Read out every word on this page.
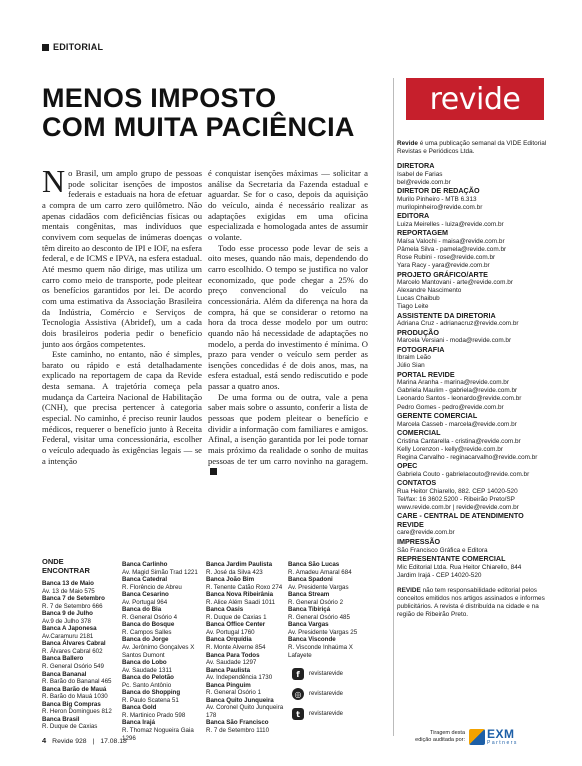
EDITORIAL
MENOS IMPOSTO
COM MUITA PACIÊNCIA

No Brasil, um amplo grupo de pessoas pode solicitar isenções de impostos federais e estaduais na hora de efetuar a compra de um carro zero quilômetro. Não apenas cidadãos com deficiências físicas ou mentais congênitas, mas indivíduos que convivem com sequelas de inúmeras doenças têm direito ao desconto de IPI e IOF, na esfera federal, e de ICMS e IPVA, na esfera estadual. Até mesmo quem não dirige, mas utiliza um carro como meio de transporte, pode pleitear os benefícios garantidos por lei. De acordo com uma estimativa da Associação Brasileira da Indústria, Comércio e Serviços de Tecnologia Assistiva (Abridef), um a cada dois brasileiros poderia pedir o benefício junto aos órgãos competentes.

Este caminho, no entanto, não é simples, barato ou rápido e está detalhadamente explicado na reportagem de capa da Revide desta semana. A trajetória começa pela mudança da Carteira Nacional de Habilitação (CNH), que precisa pertencer à categoria especial. No caminho, é preciso reunir laudos médicos, requerer o benefício junto à Receita Federal, visitar uma concessionária, escolher o veículo adequado às exigências legais — se a intenção

é conquistar isenções máximas — solicitar a análise da Secretaria da Fazenda estadual e aguardar. Se for o caso, depois da aquisição do veículo, ainda é necessário realizar as adaptações exigidas em uma oficina especializada e homologada antes de assumir o volante.

Todo esse processo pode levar de seis a oito meses, quando não mais, dependendo do carro escolhido. O tempo se justifica no valor economizado, que pode chegar a 25% do preço convencional do veículo na concessionária. Além da diferença na hora da compra, há que se considerar o retorno na hora da troca desse modelo por um outro: quando não há necessidade de adaptações no modelo, a perda do investimento é mínima. O prazo para vender o veículo sem perder as isenções concedidas é de dois anos, mas, na esfera estadual, está sendo rediscutido e pode passar a quatro anos.

De uma forma ou de outra, vale a pena saber mais sobre o assunto, conferir a lista de pessoas que podem pleitear o benefício e dividir a informação com familiares e amigos. Afinal, a isenção garantida por lei pode tornar mais próximo da realidade o sonho de muitas pessoas de ter um carro novinho na garagem.

revide
Revide é uma publicação semanal da VIDE Editorial Revistas e Periódicos Ltda.
DIRETORA
Isabel de Farias
bel@revide.com.br
DIRETOR DE REDAÇÃO
Murilo Pinheiro - MTB 6.313
murilopinheiro@revide.com.br
EDITORA
Luiza Meirelles - luiza@revide.com.br
REPORTAGEM
Maísa Valochi - maisa@revide.com.br
Pâmela Silva - pamela@revide.com.br
Rose Rubini - rose@revide.com.br
Yara Racy - yara@revide.com.br
PROJETO GRÁFICO/ARTE
Marcelo Mantovani - arte@revide.com.br
Alexandre Nascimento
Lucas Chaibub
Tiago Leite
ASSISTENTE DA DIRETORIA
Adriana Cruz - adrianacruz@revide.com.br
PRODUÇÃO
Marcela Versiani - moda@revide.com.br
FOTOGRAFIA
Ibraim Leão
Júlio Sian
PORTAL REVIDE
Marina Aranha - marina@revide.com.br
Gabriela Maulim - gabriela@revide.com.br
Leonardo Santos - leonardo@revide.com.br
Pedro Gomes - pedro@revide.com.br
GERENTE COMERCIAL
Marcela Casseb - marcela@revide.com.br
COMERCIAL
Cristina Cantarella - cristina@revide.com.br
Kelly Lorenzon - kelly@revide.com.br
Regina Carvalho - reginacarvalho@revide.com.br
OPEC
Gabriela Couto - gabrielacouto@revide.com.br
CONTATOS
Rua Heitor Chiarello, 882. CEP 14020-520
Tel/fax: 16 3602.5200 - Ribeirão Preto/SP
www.revide.com.br | revide@revide.com.br
CARE - CENTRAL DE ATENDIMENTO REVIDE
care@revide.com.br
IMPRESSÃO
São Francisco Gráfica e Editora
REPRESENTANTE COMERCIAL
Mic Editorial Ltda. Rua Heitor Chiarello, 844
Jardim Irajá - CEP 14020-520
REVIDE não tem responsabilidade editorial pelos conceitos emitidos nos artigos assinados e informes publicitários. A revista é distribuída na cidade e na região de Ribeirão Preto.
ONDE
ENCONTRAR
Banca 13 de Maio
Av. 13 de Maio 575
Banca 7 de Setembro
R. 7 de Setembro 666
Banca 9 de Julho
Av.9 de Julho 378
Banca A Japonesa
Av.Caramuru 2181
Banca Álvares Cabral
R. Álvares Cabral 602
Banca Ballero
R. General Osório 549
Banca Bananal
R. Barão do Bananal 465
Banca Barão de Mauá
R. Barão do Mauá 1030
Banca Big Compras
R. Heron Domingues 812
Banca Brasil
R. Duque de Caxias
Banca Carlinho
Av. Magid Simão Trad 1221
Banca Catedral
R. Florêncio de Abreu
Banca Cesarino
Av. Portugal 964
Banca do Bia
R. General Osório 4
Banca do Bosque
R. Campos Salles
Banca do Jorge
Av. Jerônimo Gonçalves X Santos Dumont
Banca do Lobo
Av. Saudade 1311
Banca do Pelotão
Pc. Santo Antônio
Banca do Shopping
R. Paulo Scatena 51
Banca Gold
R. Martinico Prado 598
Banca Irajá
R. Thomaz Nogueira Gaia 1296
Banca Jardim Paulista
R. José da Silva 423
Banca João Bim
R. Tenente Catão Roxo 274
Banca Nova Ribeirânia
R. Alice Além Saadi 1011
Banca Oasis
R. Duque de Caxias 1
Banca Office Center
Av. Portugal 1760
Banca Orquídia
R. Monte Alverne 854
Banca Para Todos
Av. Saudade 1297
Banca Paulista
Av. Independência 1730
Banca Pinguim
R. General Osório 1
Banca Quito Junqueira
Av. Coronel Quito Junqueira 178
Banca São Francisco
R. 7 de Setembro 1110
Banca São Lucas
R. Amadeu Amaral 684
Banca Spadoni
Av. Presidente Vargas
Banca Stream
R. General Osório 2
Banca Tibiriçá
R. General Osório 485
Banca Vargas
Av. Presidente Vargas 25
Banca Visconde
R. Visconde Inhaúma X Lafayete
f	revistarevide
◎	revistarevide
t	revistarevide
Tiragem desta
edição auditada por: EXM
Partners
4 Revide 928 | 17.08.18
